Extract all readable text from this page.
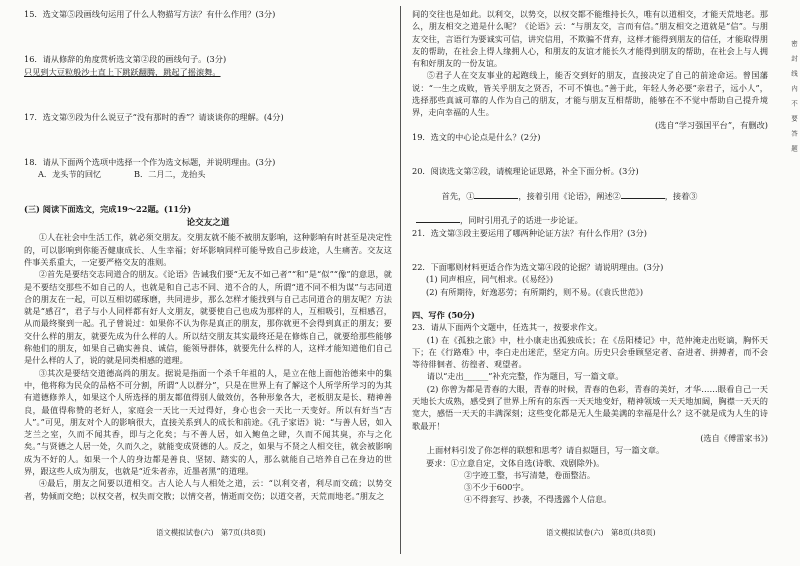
15．选文第⑤段画线句运用了什么人物描写方法？有什么作用？(3分)

16．请从修辞的角度赏析选文第②段的画线句子。(3分)

只见到大豆粒般沙土直上下跳跃翻腾，跳起了摇滚舞。

17．选文第⑨段为什么说豆子“没有那时的香”？请谈谈你的理解。(4分)

18．请从下面两个选项中选择一个作为选文标题，并说明理由。(3分)

A．龙头节的回忆　　　　B．二月二，龙抬头

(三) 阅读下面选文，完成19～22题。(11分)

论交友之道

①人在社会中生活工作，就必须交朋友。交朋友就不能不被朋友影响，这种影响有时甚至是决定性的，可以影响到你能否健康成长、人生幸福；好坏影响同样可能导致自己步歧途，人生痛苦。交友这件事关系重大，一定要严格交友的准则。

②首先是要结交志同道合的朋友。《论语》告诫我们要“无友不如己者”“和”是“似”“像”的意思，就是不要结交那些不如自己的人，也就是和自己志不同、道不合的人，所谓“道不同不相为谋”与志同道合的朋友在一起，可以互相切磋琢磨，共同进步，那么怎样才能找到与自己志同道合的朋友呢？方法就是“感召”，君子与小人同样都有好人文朋友，就要使自己也成为那样的人，互相吸引，互相感召，从而最终聚到一起。孔子曾说过：如果你不认为你是真正的朋友，那你就更不会得到真正的朋友；要交什么样的朋友，就要先成为什么样的人。所以结交朋友其实最终还是在修炼自己，就要给那些能够称他们的朋友，如果自己确实善良、诚信，能领导群体，就要先什么样的人，这样才能知道他们自己是什么样的人了，说的就是同类相感的道理。

③其次是要结交道德高尚的朋友。据说是指面一个杀千年祖的人，是立在他上面他治德来中的集中，他将称为民众的品格不可分割，所谓“人以群分”，只是在世界上有了解这个人所学所学习的为其有道德修养人，如果这个人所选择的朋友都值得别人做效仿，各种形象各大，老板朋友是长、精神善良，最值得称赞的老好人，家庭会一天比一天过得好，身心也会一天比一天变好。所以有好当“吉人”。”可见，朋友对个人的影响很大，直接关系到人的成长和前途。《孔子家语》说：“与善人居，如入芝兰之室，久而不闻其香，即与之化矣；与不善人居，如入鲍鱼之肆，久而不闻其臭，亦与之化矣。”与贤德之人居一处，久而久之，就能变成贤德的人。反之，如果与不贤之人相交往，就会被影响成为不好的人。如果一个人的身边都是善良、坚韧、踏实的人，那么就能自己培养自己在身边的世界，跟这些人成为朋友，也就是“近朱者赤，近墨者黑”的道理。

④最后，朋友之间要以道相交。古人论人与人相处之道，云：“以利交者，利尽而交疏；以势交者，势倾而交绝；以权交者，权失而交散；以情交者，情逝而交伤；以道交者，天荒而地老。”朋友之

间的交往也是如此。以利交，以势交，以权交都不能维持长久，唯有以道相交，才能天荒地老。那么，朋友相交之道是什么呢？《论语》云：“与朋友交，言而有信。”朋友相交之道就是“信”。与朋友交往，言语行为要诚实可信，讲究信用，不欺骗不背弃，这样才能得到朋友的信任，才能取得朋友的帮助，在社会上得人缘拥人心，和朋友的友谊才能长久才能得到朋友的帮助，在社会上与人拥有和好朋友的一份友谊。

⑤君子人在交友事业的起跑线上，能否交到好的朋友，直接决定了自己的前途命运。曾国藩说：“一生之成败，皆关乎朋友之贤否，不可不慎也。”善于此，年轻人务必要“亲君子，远小人”，选择那些真诚可靠的人作为自己的朋友，才能与朋友互相帮助，能够在不不觉中帮助自己提升境界，走向幸福的人生。

(选自“学习强国平台”，有删改)

19．选文的中心论点是什么？(2分)

20．阅读选文第②段，请梳理论证思路，补全下面分析。(3分)

首先，①	，接着引用《论语》，阐述②	，接着③

，同时引用孔子的话进一步论证。

21．选文第③段主要运用了哪两种论证方法？有什么作用？(3分)

22．下面哪则材料更适合作为选文第④段的论据？请说明理由。(3分)

(1) 同声相应，同气相求。(《易经》)

(2) 有所期待，好逸恶劳；有所期约，则不易。(《袁氏世范》)

四、写作 (50分)

23．请从下面两个文题中，任选其一，按要求作文。

(1) 在《孤独之旅》中，杜小康走出孤独成长；在《岳阳楼记》中，范仲淹走出贬谪，胸怀天下；在《行路难》中，李白走出迷茫，坚定方向。历史只会垂顾坚定者、奋进者、拼搏者，而不会等待徘徊者、彷徨者、观望者。

请以“走出______”补充完整，作为题目，写一篇文章。

(2) 你曾为都是青春的大眼，青春的时候，青春的色彩，青春的美好，才华……眼看自己一天天地长大成熟，感受到了世界上所有的东西一天天地变好，精神领域一天天地加阔，胸襟一天天的宽大，感悟一天天的丰满深刻；这些变化都是无人生最美满的幸福是什么？这不就是成为人生的诗歌最开！

(选自《傅雷家书》)

上面材料引发了你怎样的联想和思考？请自拟题目，写一篇文章。

要求：①立意自定，文体自选(诗歌、戏剧除外)。

②字迹工整，书写清楚，卷面整洁。

③不少于600字。

④不得套写、抄袭，不得透露个人信息。

语文模拟试卷(六)　第7页(共8页)	语文模拟试卷(六)　第8页(共8页)
密　封　线　内　不　要　答　题
